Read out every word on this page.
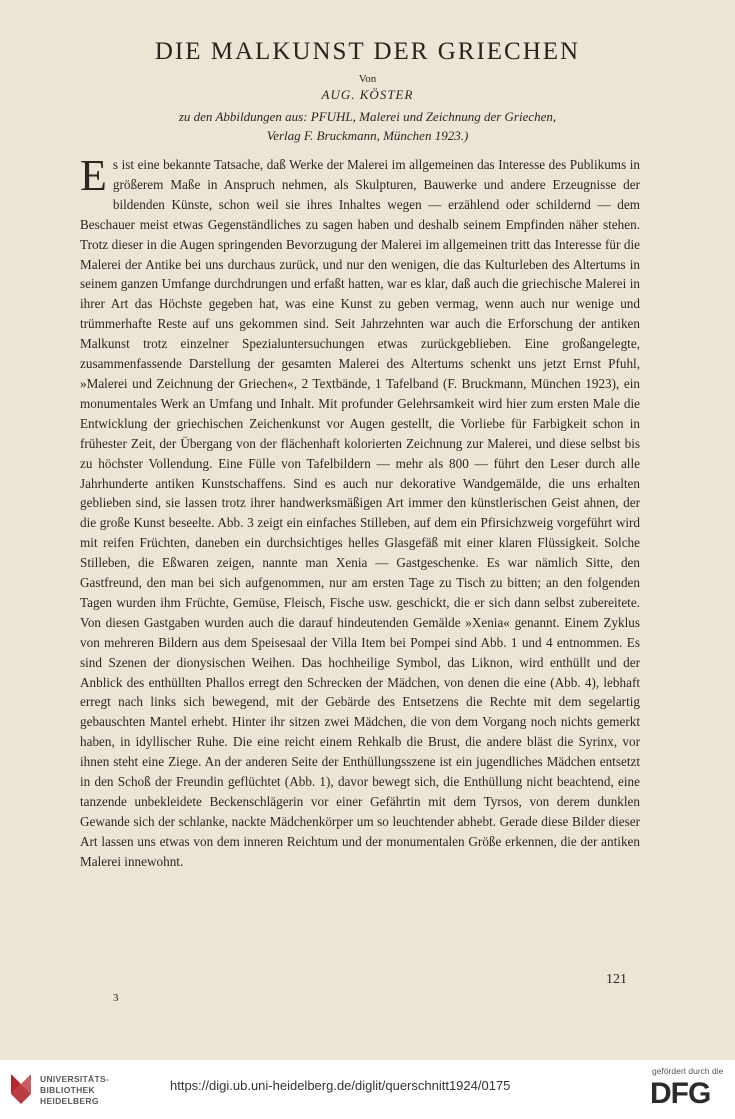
DIE MALKUNST DER GRIECHEN
Von
AUG. KÖSTER
zu den Abbildungen aus: PFUHL, Malerei und Zeichnung der Griechen,
Verlag F. Bruckmann, München 1923.)
Es ist eine bekannte Tatsache, daß Werke der Malerei im allgemeinen das Interesse des Publikums in größerem Maße in Anspruch nehmen, als Skulpturen, Bauwerke und andere Erzeugnisse der bildenden Künste, schon weil sie ihres Inhaltes wegen — erzählend oder schildernd — dem Beschauer meist etwas Gegenständliches zu sagen haben und deshalb seinem Empfinden näher stehen. Trotz dieser in die Augen springenden Bevorzugung der Malerei im allgemeinen tritt das Interesse für die Malerei der Antike bei uns durchaus zurück, und nur den wenigen, die das Kulturleben des Altertums in seinem ganzen Umfange durchdrungen und erfaßt hatten, war es klar, daß auch die griechische Malerei in ihrer Art das Höchste gegeben hat, was eine Kunst zu geben vermag, wenn auch nur wenige und trümmerhafte Reste auf uns gekommen sind. Seit Jahrzehnten war auch die Erforschung der antiken Malkunst trotz einzelner Spezialuntersuchungen etwas zurückgeblieben. Eine großangelegte, zusammenfassende Darstellung der gesamten Malerei des Altertums schenkt uns jetzt Ernst Pfuhl, »Malerei und Zeichnung der Griechen«, 2 Textbände, 1 Tafelband (F. Bruckmann, München 1923), ein monumentales Werk an Umfang und Inhalt. Mit profunder Gelehrsamkeit wird hier zum ersten Male die Entwicklung der griechischen Zeichenkunst vor Augen gestellt, die Vorliebe für Farbigkeit schon in frühester Zeit, der Übergang von der flächenhaft kolorierten Zeichnung zur Malerei, und diese selbst bis zu höchster Vollendung. Eine Fülle von Tafelbildern — mehr als 800 — führt den Leser durch alle Jahrhunderte antiken Kunstschaffens. Sind es auch nur dekorative Wandgemälde, die uns erhalten geblieben sind, sie lassen trotz ihrer handwerksmäßigen Art immer den künstlerischen Geist ahnen, der die große Kunst beseelte. Abb. 3 zeigt ein einfaches Stilleben, auf dem ein Pfirsichzweig vorgeführt wird mit reifen Früchten, daneben ein durchsichtiges helles Glasgefäß mit einer klaren Flüssigkeit. Solche Stilleben, die Eßwaren zeigen, nannte man Xenia — Gastgeschenke. Es war nämlich Sitte, den Gastfreund, den man bei sich aufgenommen, nur am ersten Tage zu Tisch zu bitten; an den folgenden Tagen wurden ihm Früchte, Gemüse, Fleisch, Fische usw. geschickt, die er sich dann selbst zubereitete. Von diesen Gastgaben wurden auch die darauf hindeutenden Gemälde »Xenia« genannt. Einem Zyklus von mehreren Bildern aus dem Speisesaal der Villa Item bei Pompei sind Abb. 1 und 4 entnommen. Es sind Szenen der dionysischen Weihen. Das hochheilige Symbol, das Liknon, wird enthüllt und der Anblick des enthüllten Phallos erregt den Schrecken der Mädchen, von denen die eine (Abb. 4), lebhaft erregt nach links sich bewegend, mit der Gebärde des Entsetzens die Rechte mit dem segelartig gebauschten Mantel erhebt. Hinter ihr sitzen zwei Mädchen, die von dem Vorgang noch nichts gemerkt haben, in idyllischer Ruhe. Die eine reicht einem Rehkalb die Brust, die andere bläst die Syrinx, vor ihnen steht eine Ziege. An der anderen Seite der Enthüllungsszene ist ein jugendliches Mädchen entsetzt in den Schoß der Freundin geflüchtet (Abb. 1), davor bewegt sich, die Enthüllung nicht beachtend, eine tanzende unbekleidete Beckenschlägerin vor einer Gefährtin mit dem Tyrsos, von derem dunklen Gewande sich der schlanke, nackte Mädchenkörper um so leuchtender abhebt. Gerade diese Bilder dieser Art lassen uns etwas von dem inneren Reichtum und der monumentalen Größe erkennen, die der antiken Malerei innewohnt.
121
3
UNIVERSITÄTS-
BIBLIOTHEK
HEIDELBERG
https://digi.ub.uni-heidelberg.de/diglit/querschnitt1924/0175
gefördert durch die
DFG
